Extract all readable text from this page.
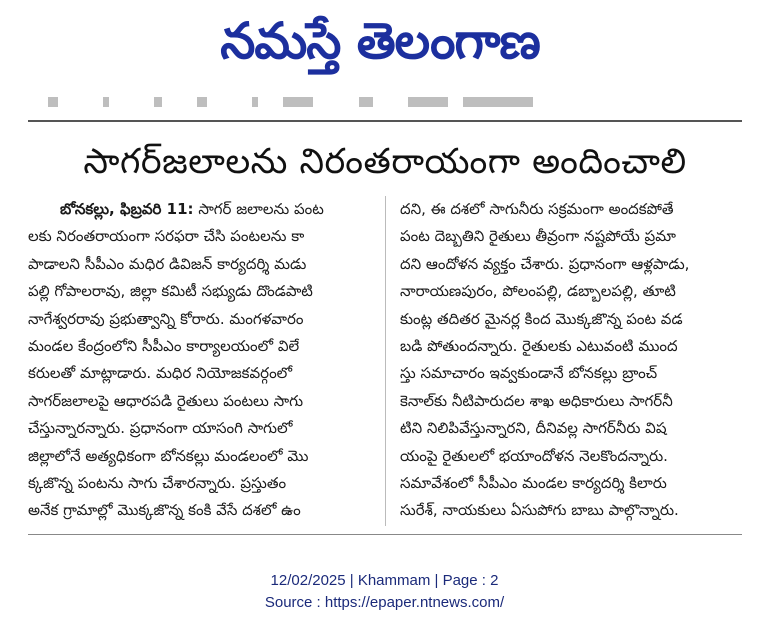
నమస్తే తెలంగాణ

సాగర్‌జలాలను నిరంతరాయంగా అందించాలి
బోనకల్లు, ఫిబ్రవరి 11: సాగర్ జలాలను పంట
లకు నిరంతరాయంగా సరఫరా చేసి పంటలను కా
పాడాలని సీపీఎం మధిర డివిజన్ కార్యదర్శి మడు
పల్లి గోపాలరావు, జిల్లా కమిటీ సభ్యుడు దొండపాటి
నాగేశ్వరరావు ప్రభుత్వాన్ని కోరారు. మంగళవారం
మండల కేంద్రంలోని సీపీఎం కార్యాలయంలో విలే
కరులతో మాట్లాడారు. మధిర నియోజకవర్గంలో
సాగర్‌జలాలపై ఆధారపడి రైతులు పంటలు సాగు
చేస్తున్నారన్నారు. ప్రధానంగా యాసంగి సాగులో
జిల్లాలోనే అత్యధికంగా బోనకల్లు మండలంలో మొ
క్కజొన్న పంటను సాగు చేశారన్నారు. ప్రస్తుతం
అనేక గ్రామాల్లో మొక్కజొన్న కంకి వేసే దశలో ఉం
దని, ఈ దశలో సాగునీరు సక్రమంగా అందకపోతే
పంట దెబ్బతిని రైతులు తీవ్రంగా నష్టపోయే ప్రమా
దని ఆందోళన వ్యక్తం చేశారు. ప్రధానంగా ఆళ్లపాడు,
నారాయణపురం, పోలంపల్లి, డబ్బాలపల్లి, తూటి
కుంట్ల తదితర మైనర్ల కింద మొక్కజొన్న పంట వడ
బడి పోతుందన్నారు. రైతులకు ఎటువంటి ముంద
స్తు సమాచారం ఇవ్వకుండానే బోనకల్లు బ్రాంచ్
కెనాల్‌కు నీటిపారుదల శాఖ అధికారులు సాగర్‌నీ
టిని నిలిపివేస్తున్నారని, దీనివల్ల సాగర్‌నీరు విష
యంపై రైతులలో భయాందోళన నెలకొందన్నారు.
సమావేశంలో సీపీఎం మండల కార్యదర్శి కిలారు
సురేశ్, నాయకులు ఏసుపోగు బాబు పాల్గొన్నారు.
12/02/2025 | Khammam | Page : 2
Source : https://epaper.ntnews.com/
